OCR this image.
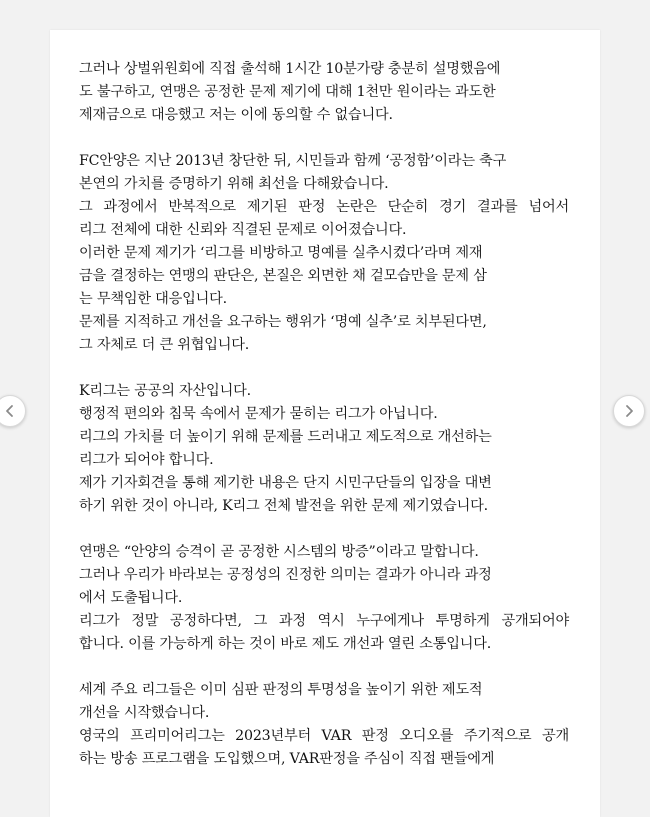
그러나 상벌위원회에 직접 출석해 1시간 10분가량 충분히 설명했음에
도 불구하고, 연맹은 공정한 문제 제기에 대해 1천만 원이라는 과도한
제재금으로 대응했고 저는 이에 동의할 수 없습니다.
FC안양은 지난 2013년 창단한 뒤, 시민들과 함께 ‘공정함’이라는 축구
본연의 가치를 증명하기 위해 최선을 다해왔습니다.
그 과정에서 반복적으로 제기된 판정 논란은 단순히 경기 결과를 넘어서
리그 전체에 대한 신뢰와 직결된 문제로 이어졌습니다.
이러한 문제 제기가 ‘리그를 비방하고 명예를 실추시켰다’라며 제재
금을 결정하는 연맹의 판단은, 본질은 외면한 채 겉모습만을 문제 삼
는 무책임한 대응입니다.
문제를 지적하고 개선을 요구하는 행위가 ‘명예 실추’로 치부된다면,
그 자체로 더 큰 위협입니다.
K리그는 공공의 자산입니다.
행정적 편의와 침묵 속에서 문제가 묻히는 리그가 아닙니다.
리그의 가치를 더 높이기 위해 문제를 드러내고 제도적으로 개선하는
리그가 되어야 합니다.
제가 기자회견을 통해 제기한 내용은 단지 시민구단들의 입장을 대변
하기 위한 것이 아니라, K리그 전체 발전을 위한 문제 제기였습니다.
연맹은 “안양의 승격이 곧 공정한 시스템의 방증”이라고 말합니다.
그러나 우리가 바라보는 공정성의 진정한 의미는 결과가 아니라 과정
에서 도출됩니다.
리그가 정말 공정하다면, 그 과정 역시 누구에게나 투명하게 공개되어야
합니다. 이를 가능하게 하는 것이 바로 제도 개선과 열린 소통입니다.
세계 주요 리그들은 이미 심판 판정의 투명성을 높이기 위한 제도적
개선을 시작했습니다.
영국의 프리미어리그는 2023년부터 VAR 판정 오디오를 주기적으로 공개
하는 방송 프로그램을 도입했으며, VAR판정을 주심이 직접 팬들에게
